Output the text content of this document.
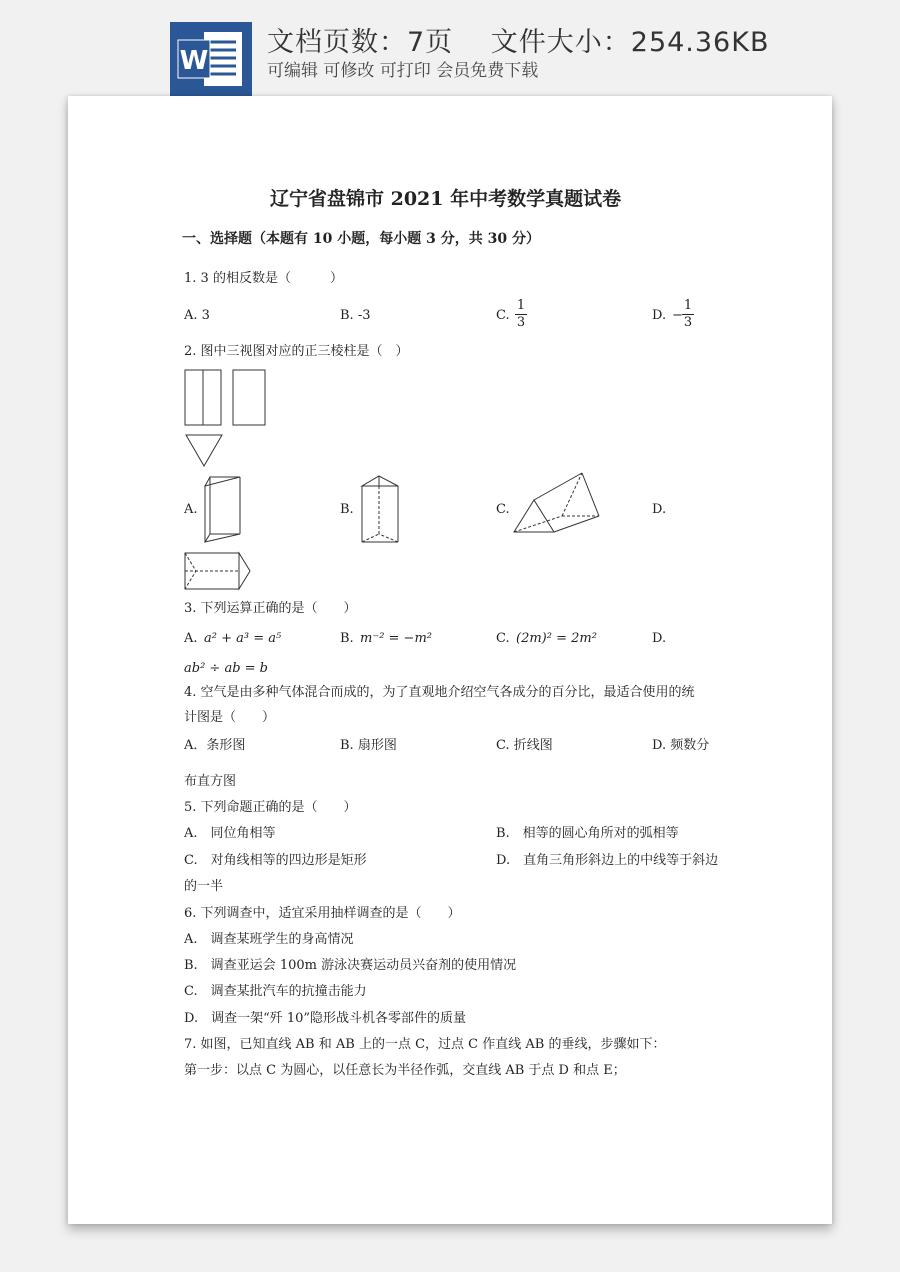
W
文档页数：7页　 文件大小：254.36KB
可编辑 可修改 可打印 会员免费下载
辽宁省盘锦市 2021 年中考数学真题试卷
一、选择题（本题有 10 小题，每小题 3 分，共 30 分）
1. 3 的相反数是（　　　）
A. 3	B. -3	C.
1
3	D. −
1
3
2. 图中三视图对应的正三棱柱是（　）
A.	B.	C.	D.
3. 下列运算正确的是（　　）
A. a² + a³ = a⁵	B. m⁻² = −m²	C. (2m)² = 2m²	D.
ab² ÷ ab = b
4. 空气是由多种气体混合而成的，为了直观地介绍空气各成分的百分比，最适合使用的统
计图是（　　）
A．条形图	B. 扇形图	C. 折线图	D. 频数分
布直方图
5. 下列命题正确的是（　　）
A.　同位角相等	B.　相等的圆心角所对的弧相等
C.　对角线相等的四边形是矩形	D.　直角三角形斜边上的中线等于斜边
的一半
6. 下列调查中，适宜采用抽样调查的是（　　）
A.　调查某班学生的身高情况
B.　调查亚运会 100m 游泳决赛运动员兴奋剂的使用情况
C.　调查某批汽车的抗撞击能力
D.　调查一架“歼 10”隐形战斗机各零部件的质量
7. 如图，已知直线 AB 和 AB 上的一点 C，过点 C 作直线 AB 的垂线，步骤如下：
第一步：以点 C 为圆心，以任意长为半径作弧，交直线 AB 于点 D 和点 E；
